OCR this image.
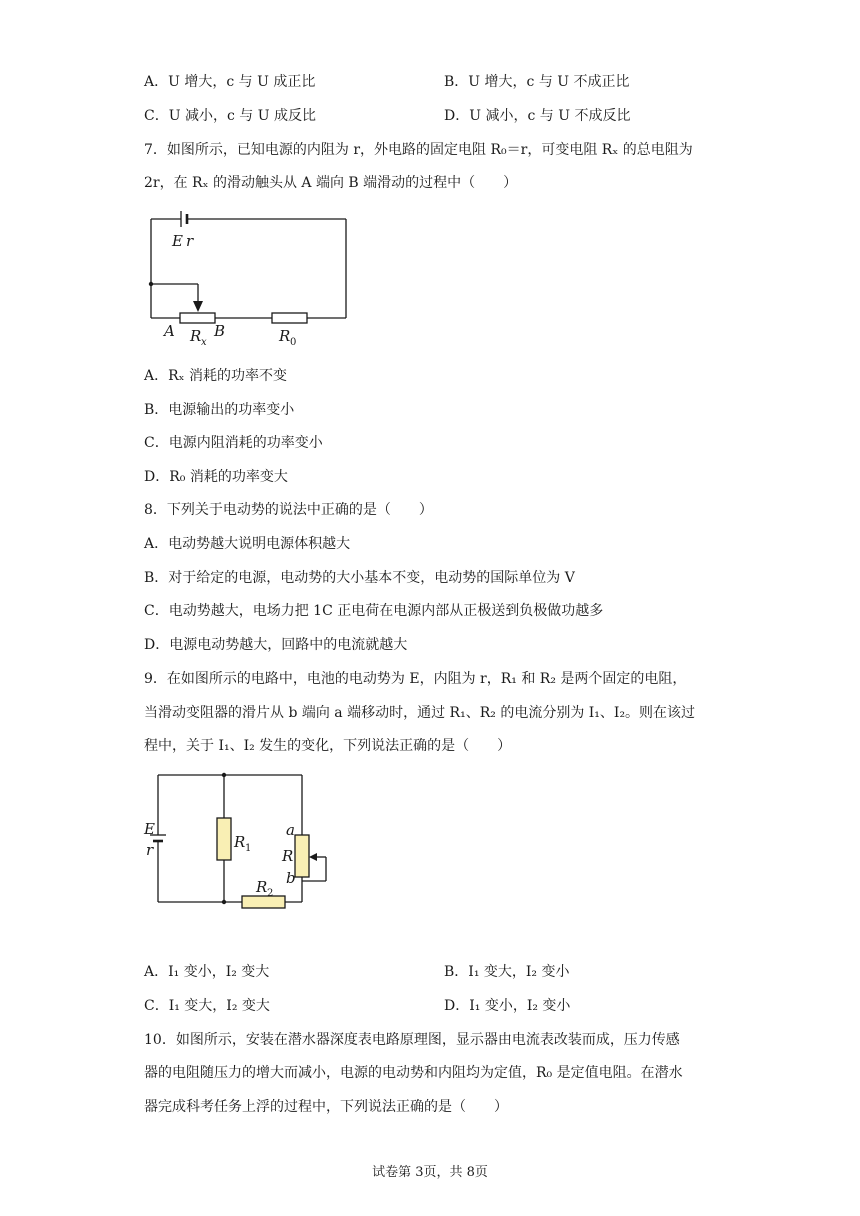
A．U 增大，c 与 U 成正比	B．U 增大，c 与 U 不成正比
C．U 减小，c 与 U 成反比	D．U 减小，c 与 U 不成反比
7．如图所示，已知电源的内阻为 r，外电路的固定电阻 R₀＝r，可变电阻 Rₓ 的总电阻为
2r，在 Rₓ 的滑动触头从 A 端向 B 端滑动的过程中（　　）
E r
A	B
R	R
x	0
A．Rₓ 消耗的功率不变
B．电源输出的功率变小
C．电源内阻消耗的功率变小
D．R₀ 消耗的功率变大
8．下列关于电动势的说法中正确的是（　　）
A．电动势越大说明电源体积越大
B．对于给定的电源，电动势的大小基本不变，电动势的国际单位为 V
C．电动势越大，电场力把 1C 正电荷在电源内部从正极送到负极做功越多
D．电源电动势越大，回路中的电流就越大
9．在如图所示的电路中，电池的电动势为 E，内阻为 r，R₁ 和 R₂ 是两个固定的电阻，
当滑动变阻器的滑片从 b 端向 a 端移动时，通过 R₁、R₂ 的电流分别为 I₁、I₂。则在该过
程中，关于 I₁、I₂ 发生的变化，下列说法正确的是（　　）
E
r	R
R
R
a
b
1
2
A．I₁ 变小，I₂ 变大	B．I₁ 变大，I₂ 变小
C．I₁ 变大，I₂ 变大	D．I₁ 变小，I₂ 变小
10．如图所示，安装在潜水器深度表电路原理图，显示器由电流表改装而成，压力传感
器的电阻随压力的增大而减小，电源的电动势和内阻均为定值，R₀ 是定值电阻。在潜水
器完成科考任务上浮的过程中，下列说法正确的是（　　）
试卷第 3页，共 8页
